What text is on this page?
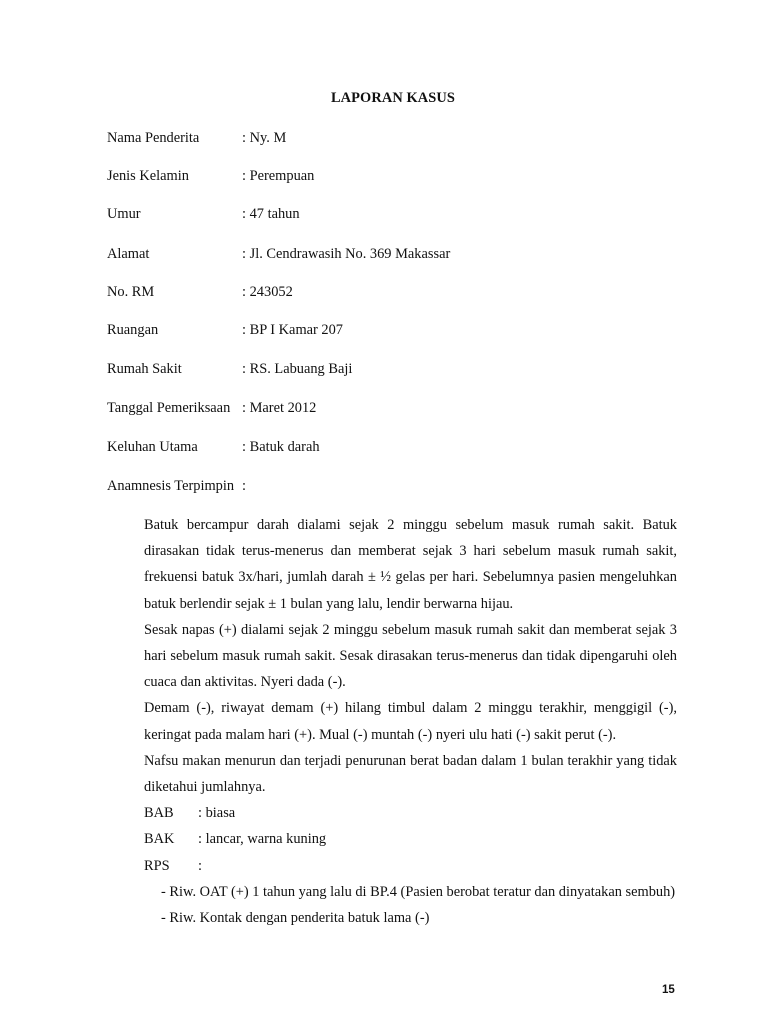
LAPORAN KASUS
Nama Penderita	: Ny. M
Jenis Kelamin	: Perempuan
Umur	: 47 tahun
Alamat	: Jl. Cendrawasih No. 369 Makassar
No. RM	: 243052
Ruangan	: BP I Kamar 207
Rumah Sakit	: RS. Labuang Baji
Tanggal Pemeriksaan	: Maret 2012
Keluhan Utama	: Batuk darah
Anamnesis Terpimpin :

Batuk bercampur darah dialami sejak 2 minggu sebelum masuk rumah sakit. Batuk dirasakan tidak terus-menerus dan memberat sejak 3 hari sebelum masuk rumah sakit, frekuensi batuk 3x/hari, jumlah darah ± ½ gelas per hari. Sebelumnya pasien mengeluhkan batuk berlendir sejak ± 1 bulan yang lalu, lendir berwarna hijau.

Sesak napas (+) dialami sejak 2 minggu sebelum masuk rumah sakit dan memberat sejak 3 hari sebelum masuk rumah sakit. Sesak dirasakan terus-menerus dan tidak dipengaruhi oleh cuaca dan aktivitas. Nyeri dada (-).

Demam (-), riwayat demam (+) hilang timbul dalam 2 minggu terakhir, menggigil (-), keringat pada malam hari (+). Mual (-) muntah (-) nyeri ulu hati (-) sakit perut (-).

Nafsu makan menurun dan terjadi penurunan berat badan dalam 1 bulan terakhir yang tidak diketahui jumlahnya.

BAB : biasa
BAK : lancar, warna kuning
RPS :

- Riw. OAT (+) 1 tahun yang lalu di BP.4 (Pasien berobat teratur dan dinyatakan sembuh)

- Riw. Kontak dengan penderita batuk lama (-)

15
